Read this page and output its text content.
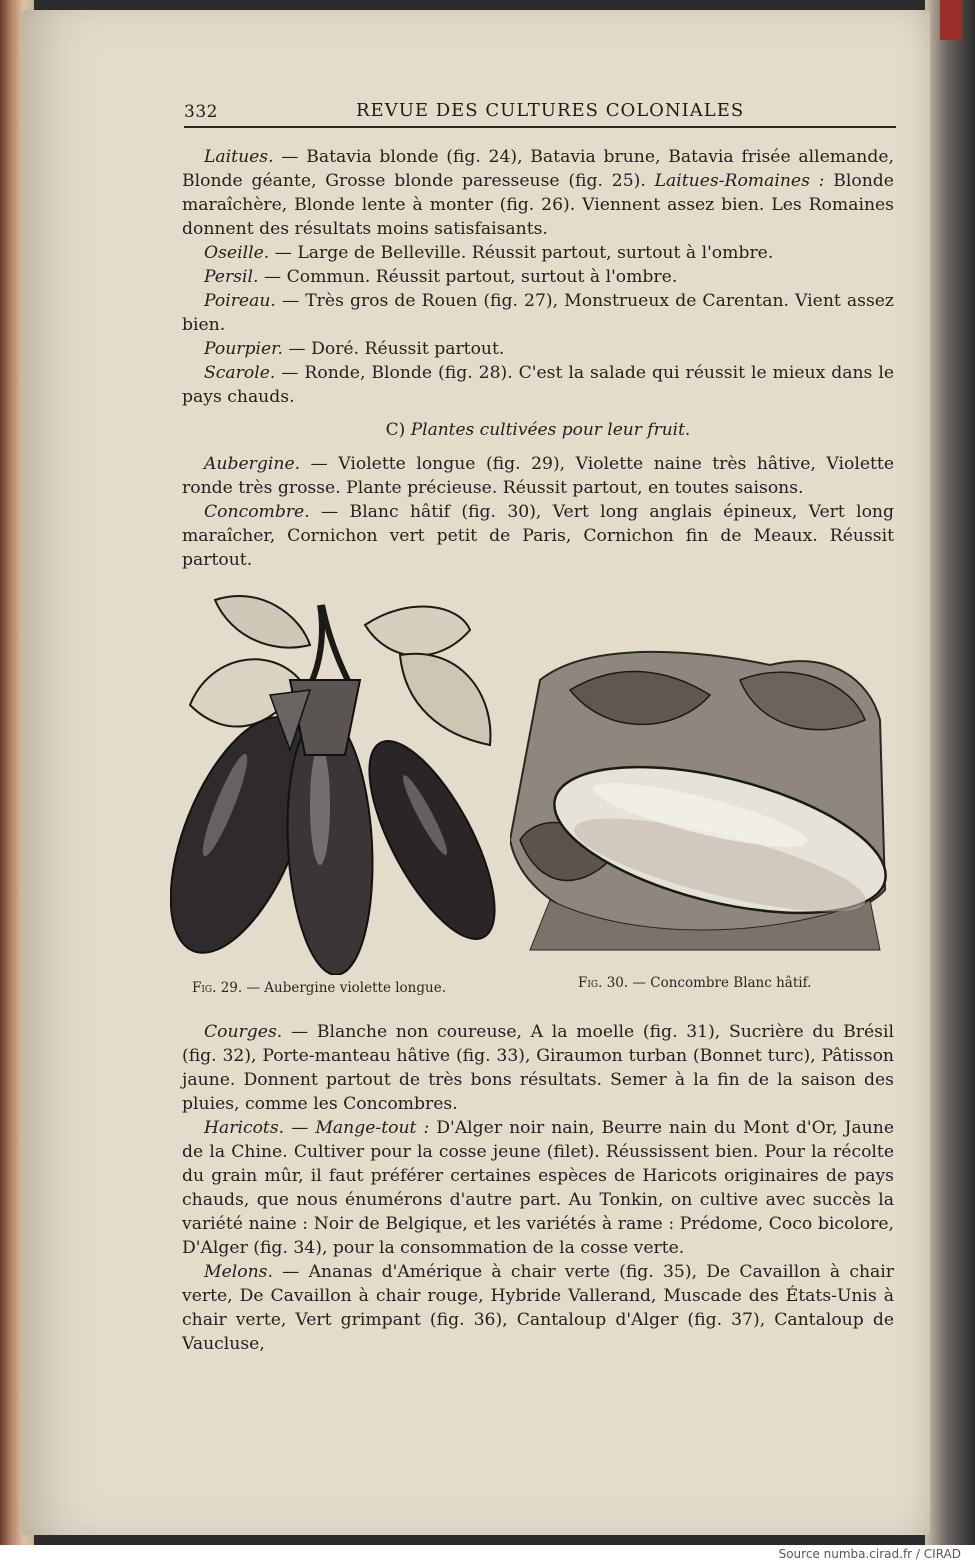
332	REVUE DES CULTURES COLONIALES

Laitues. — Batavia blonde (fig. 24), Batavia brune, Batavia frisée allemande, Blonde géante, Grosse blonde paresseuse (fig. 25). Laitues-Romaines : Blonde maraîchère, Blonde lente à monter (fig. 26). Viennent assez bien. Les Romaines donnent des résultats moins satisfaisants.

Oseille. — Large de Belleville. Réussit partout, surtout à l'ombre.

Persil. — Commun. Réussit partout, surtout à l'ombre.

Poireau. — Très gros de Rouen (fig. 27), Monstrueux de Carentan. Vient assez bien.

Pourpier. — Doré. Réussit partout.

Scarole. — Ronde, Blonde (fig. 28). C'est la salade qui réussit le mieux dans le pays chauds.

C) Plantes cultivées pour leur fruit.

Aubergine. — Violette longue (fig. 29), Violette naine très hâtive, Violette ronde très grosse. Plante précieuse. Réussit partout, en toutes saisons.

Concombre. — Blanc hâtif (fig. 30), Vert long anglais épineux, Vert long maraîcher, Cornichon vert petit de Paris, Cornichon fin de Meaux. Réussit partout.

Fig. 29. — Aubergine violette longue.	Fig. 30. — Concombre Blanc hâtif.

Courges. — Blanche non coureuse, A la moelle (fig. 31), Sucrière du Brésil (fig. 32), Porte-manteau hâtive (fig. 33), Giraumon turban (Bonnet turc), Pâtisson jaune. Donnent partout de très bons résultats. Semer à la fin de la saison des pluies, comme les Concombres.

Haricots. — Mange-tout : D'Alger noir nain, Beurre nain du Mont d'Or, Jaune de la Chine. Cultiver pour la cosse jeune (filet). Réussissent bien. Pour la récolte du grain mûr, il faut préférer certaines espèces de Haricots originaires de pays chauds, que nous énumérons d'autre part. Au Tonkin, on cultive avec succès la variété naine : Noir de Belgique, et les variétés à rame : Prédome, Coco bicolore, D'Alger (fig. 34), pour la consommation de la cosse verte.

Melons. — Ananas d'Amérique à chair verte (fig. 35), De Cavaillon à chair verte, De Cavaillon à chair rouge, Hybride Vallerand, Muscade des États-Unis à chair verte, Vert grimpant (fig. 36), Cantaloup d'Alger (fig. 37), Cantaloup de Vaucluse,

Source numba.cirad.fr / CIRAD
